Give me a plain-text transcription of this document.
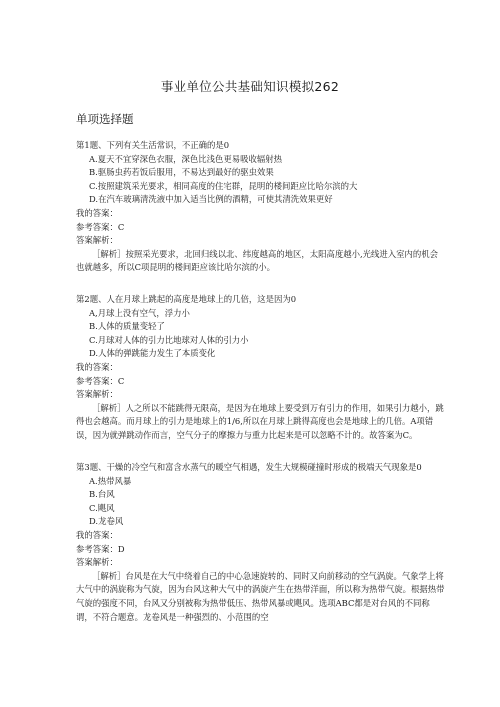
事业单位公共基础知识模拟262
单项选择题
第1题、下列有关生活常识，不正确的是0
A.夏天不宜穿深色衣服，深色比浅色更易吸收辐射热
B.驱肠虫药若饭后服用，不易达到最好的驱虫效果
C.按照建筑采光要求，相同高度的住宅群，昆明的楼间距应比哈尔滨的大
D.在汽车玻璃清洗液中加入适当比例的酒精，可使其清洗效果更好
我的答案：
参考答案：C
答案解析：
［解析］按照采光要求，北回归线以北、纬度越高的地区，太阳高度越小,光线进入室内的机会也就越多，所以C项昆明的楼间距应该比哈尔滨的小。
第2题、人在月球上跳起的高度是地球上的几倍，这是因为0
A,月球上没有空气，浮力小
B.人体的质量变轻了
C.月球对人体的引力比地球对人体的引力小
D.人体的弹跳能力发生了本质变化
我的答案：
参考答案：C
答案解析：
［解析］人之所以不能跳得无限高，是因为在地球上要受到万有引力的作用，如果引力越小，跳得也会越高。而月球上的引力是地球上的1/6,所以在月球上跳得高度也会是地球上的几倍。A项错误，因为就弹跳动作而言，空气分子的摩擦力与重力比起来是可以忽略不计的。故答案为C。
第3题、干燥的冷空气和富含水蒸气的暖空气相遇，发生大规模碰撞时形成的极端天气现象是0
A.热带风暴
B.台风
C.飓风
D.龙卷风
我的答案：
参考答案：D
答案解析：
［解析］台风是在大气中绕着自己的中心急速旋转的、同时又向前移动的空气涡旋。气象学上将大气中的涡旋称为气旋，因为台风这种大气中的涡旋产生在热带洋面，所以称为热带气旋。根据热带气旋的强度不同，台风又分别被称为热带低压、热带风暴或飓风。选项ABC都是对台风的不同称谓，不符合题意。龙卷风是一种强烈的、小范围的空
